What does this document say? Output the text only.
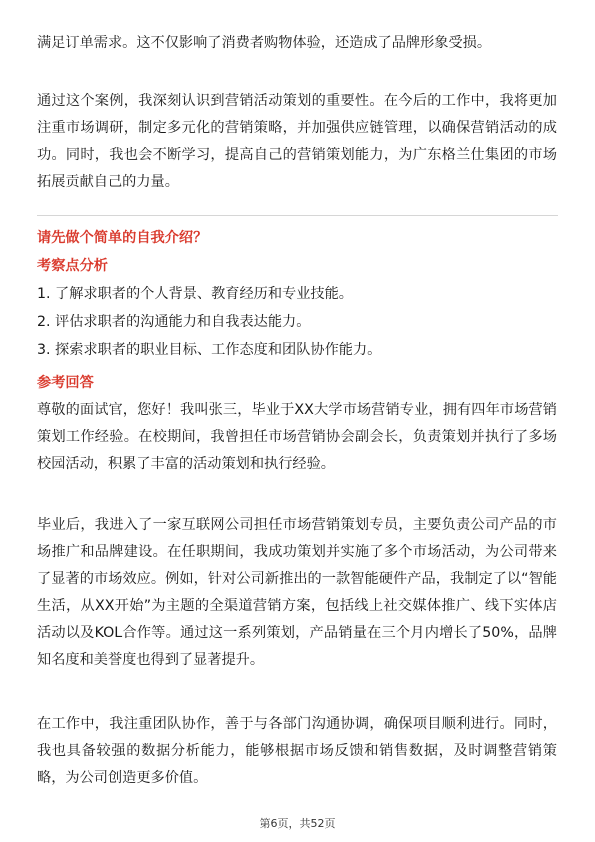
满足订单需求。这不仅影响了消费者购物体验，还造成了品牌形象受损。

通过这个案例，我深刻认识到营销活动策划的重要性。在今后的工作中，我将更加注重市场调研，制定多元化的营销策略，并加强供应链管理，以确保营销活动的成功。同时，我也会不断学习，提高自己的营销策划能力，为广东格兰仕集团的市场拓展贡献自己的力量。

请先做个简单的自我介绍？

考察点分析

1. 了解求职者的个人背景、教育经历和专业技能。
2. 评估求职者的沟通能力和自我表达能力。
3. 探索求职者的职业目标、工作态度和团队协作能力。

参考回答

尊敬的面试官，您好！我叫张三，毕业于XX大学市场营销专业，拥有四年市场营销策划工作经验。在校期间，我曾担任市场营销协会副会长，负责策划并执行了多场校园活动，积累了丰富的活动策划和执行经验。

毕业后，我进入了一家互联网公司担任市场营销策划专员，主要负责公司产品的市场推广和品牌建设。在任职期间，我成功策划并实施了多个市场活动，为公司带来了显著的市场效应。例如，针对公司新推出的一款智能硬件产品，我制定了以“智能生活，从XX开始”为主题的全渠道营销方案，包括线上社交媒体推广、线下实体店活动以及KOL合作等。通过这一系列策划，产品销量在三个月内增长了50%，品牌知名度和美誉度也得到了显著提升。

在工作中，我注重团队协作，善于与各部门沟通协调，确保项目顺利进行。同时，我也具备较强的数据分析能力，能够根据市场反馈和销售数据，及时调整营销策略，为公司创造更多价值。

第6页，共52页
